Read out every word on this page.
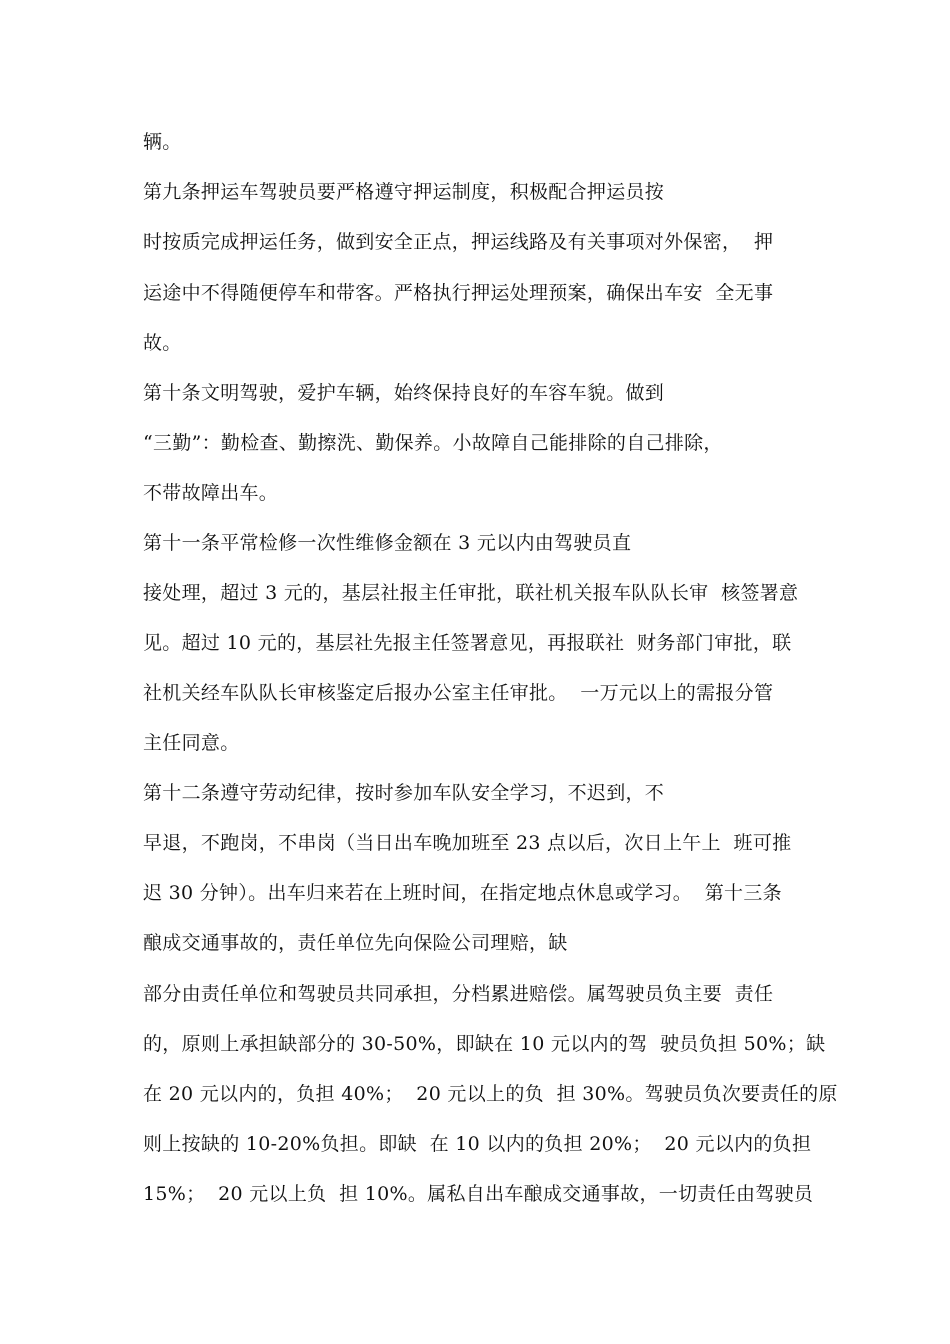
辆。
第九条押运车驾驶员要严格遵守押运制度，积极配合押运员按
时按质完成押运任务，做到安全正点，押运线路及有关事项对外保密，  押
运途中不得随便停车和带客。严格执行押运处理预案，确保出车安  全无事
故。
第十条文明驾驶，爱护车辆，始终保持良好的车容车貌。做到
“三勤”：勤检查、勤擦洗、勤保养。小故障自己能排除的自己排除，
不带故障出车。
第十一条平常检修一次性维修金额在 3 元以内由驾驶员直
接处理，超过 3 元的，基层社报主任审批，联社机关报车队队长审  核签署意
见。超过 10 元的，基层社先报主任签署意见，再报联社  财务部门审批，联
社机关经车队队长审核鉴定后报办公室主任审批。  一万元以上的需报分管
主任同意。
第十二条遵守劳动纪律，按时参加车队安全学习，不迟到，不
早退，不跑岗，不串岗（当日出车晚加班至 23 点以后，次日上午上  班可推
迟 30 分钟）。出车归来若在上班时间，在指定地点休息或学习。  第十三条
酿成交通事故的，责任单位先向保险公司理赔，缺
部分由责任单位和驾驶员共同承担，分档累进赔偿。属驾驶员负主要  责任
的，原则上承担缺部分的 30-50%，即缺在 10 元以内的驾  驶员负担 50%；缺
在 20 元以内的，负担 40%；  20 元以上的负  担 30%。驾驶员负次要责任的原
则上按缺的 10-20%负担。即缺  在 10 以内的负担 20%；  20 元以内的负担
15%；  20 元以上负  担 10%。属私自出车酿成交通事故，一切责任由驾驶员
